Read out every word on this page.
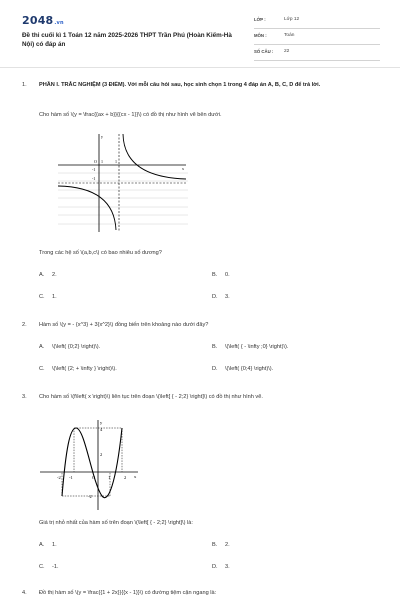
2048.vn
Đề thi cuối kì 1 Toán 12 năm 2025-2026 THPT Trần Phú (Hoàn Kiếm-Hà Nội) có đáp án
LỚP :	Lớp 12
MÔN :	Toán
SỐ CÂU : 22
1.	PHẦN I. TRẮC NGHIỆM (3 ĐIỂM). Với mỗi câu hỏi sau, học sinh chọn 1 trong 4 đáp án A, B, C, D để trả lời.
Cho hàm số \(y = \frac{{ax + b}}{{cx - 1}}\) có đồ thị như hình vẽ bên dưới.
O	1
1
-1
-1
y
x
Trong các hệ số \(a,b,c\) có bao nhiêu số dương?
A. 2.	B. 0.
C. 1.	D. 3.
2.	Hàm số \(y = - {x^3} + 3{x^2}\) đồng biến trên khoảng nào dưới đây?
A. \(\left( {0;2} \right)\).	B. \(\left( { - \infty ;0} \right)\).
C. \(\left( {2; + \infty } \right)\).	D. \(\left( {0;4} \right)\).
3.	Cho hàm số \(f\left( x \right)\) liên tục trên đoạn \(\left[ { - 2;2} \right]\) có đồ thị như hình vẽ.
y
x
4
2
-2
-2 -1	O	1	2
Giá trị nhỏ nhất của hàm số trên đoạn \(\left[ { - 2;2} \right]\) là:
A. 1.	B. 2.
C. -1.	D. 3.
4.	Đồ thị hàm số \(y = \frac{{1 + 2x}}{{x - 1}}\) có đường tiệm cận ngang là:
